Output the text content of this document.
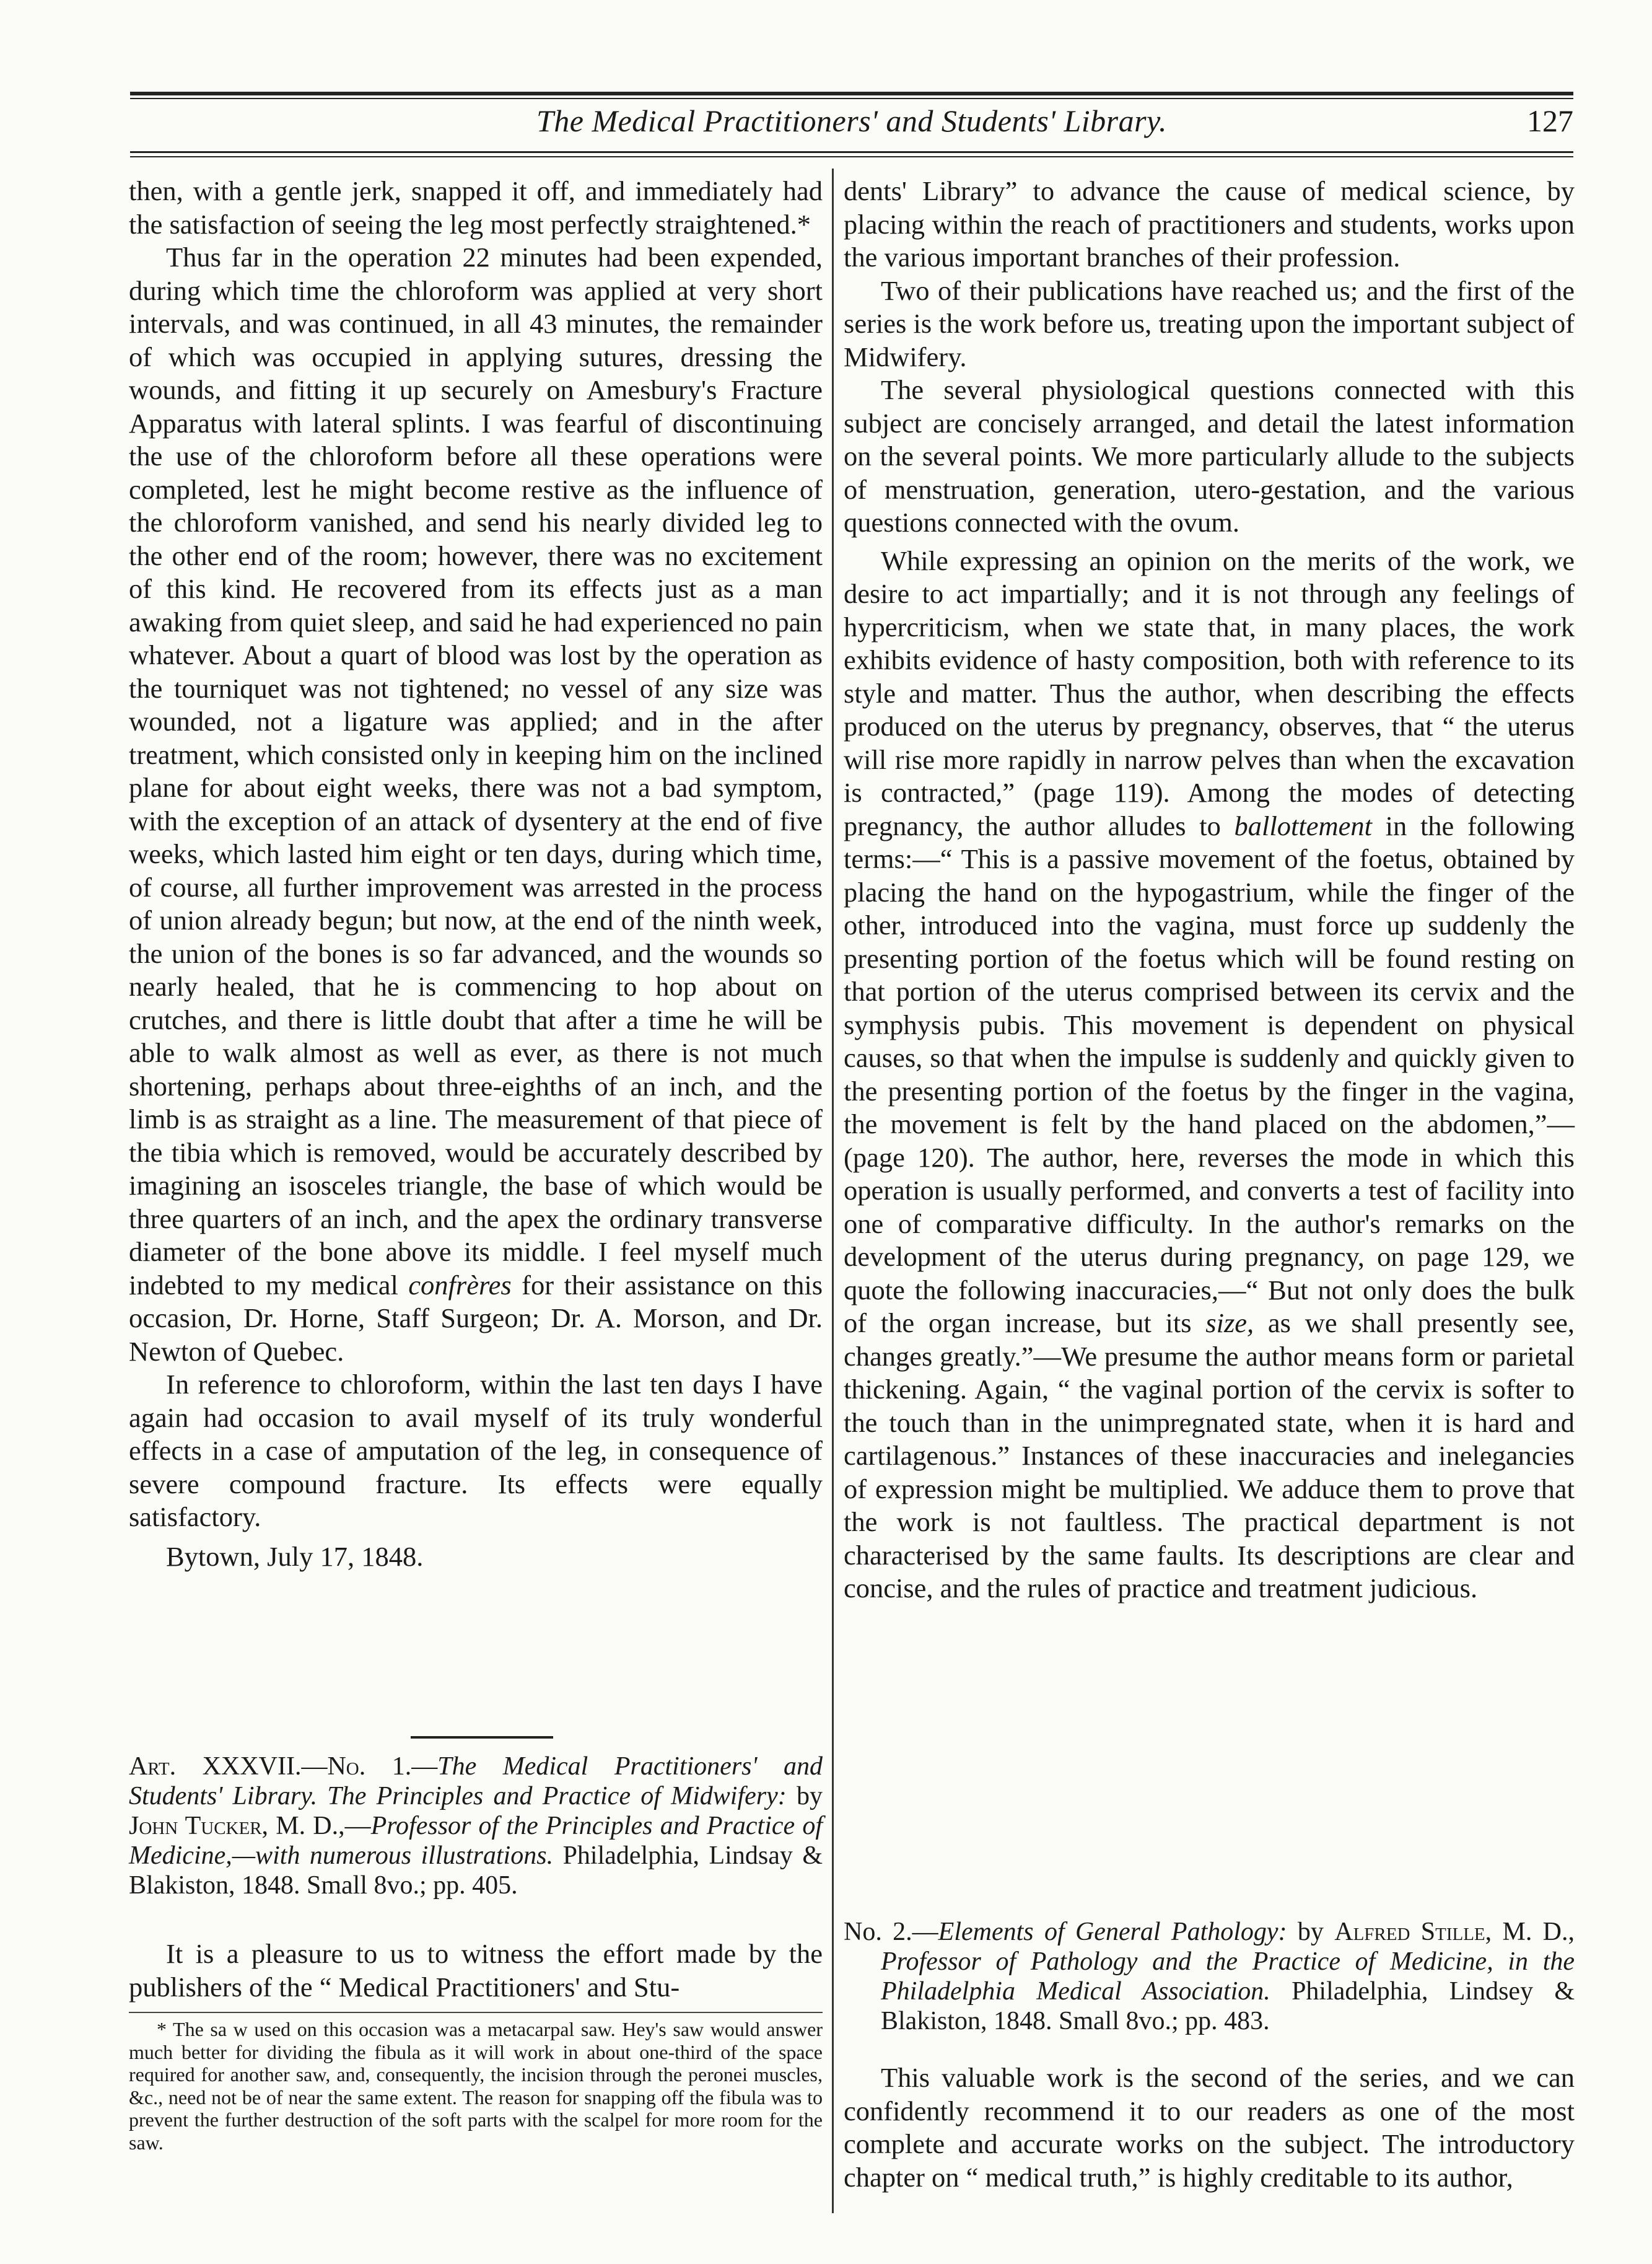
The Medical Practitioners' and Students' Library.	127

then, with a gentle jerk, snapped it off, and immediately had the satisfaction of seeing the leg most perfectly straightened.*

Thus far in the operation 22 minutes had been expended, during which time the chloroform was applied at very short intervals, and was continued, in all 43 minutes, the remainder of which was occupied in applying sutures, dressing the wounds, and fitting it up securely on Amesbury's Fracture Apparatus with lateral splints. I was fearful of discontinuing the use of the chloroform before all these operations were completed, lest he might become restive as the influence of the chloroform vanished, and send his nearly divided leg to the other end of the room; however, there was no excitement of this kind. He recovered from its effects just as a man awaking from quiet sleep, and said he had experienced no pain whatever. About a quart of blood was lost by the operation as the tourniquet was not tightened; no vessel of any size was wounded, not a ligature was applied; and in the after treatment, which consisted only in keeping him on the inclined plane for about eight weeks, there was not a bad symptom, with the exception of an attack of dysentery at the end of five weeks, which lasted him eight or ten days, during which time, of course, all further improvement was arrested in the process of union already begun; but now, at the end of the ninth week, the union of the bones is so far advanced, and the wounds so nearly healed, that he is commencing to hop about on crutches, and there is little doubt that after a time he will be able to walk almost as well as ever, as there is not much shortening, perhaps about three-eighths of an inch, and the limb is as straight as a line. The measurement of that piece of the tibia which is removed, would be accurately described by imagining an isosceles triangle, the base of which would be three quarters of an inch, and the apex the ordinary transverse diameter of the bone above its middle. I feel myself much indebted to my medical confrères for their assistance on this occasion, Dr. Horne, Staff Surgeon; Dr. A. Morson, and Dr. Newton of Quebec.

In reference to chloroform, within the last ten days I have again had occasion to avail myself of its truly wonderful effects in a case of amputation of the leg, in consequence of severe compound fracture. Its effects were equally satisfactory.

Bytown, July 17, 1848.

Art. XXXVII.—No. 1.—The Medical Practitioners' and Students' Library. The Principles and Practice of Midwifery: by John Tucker, M. D.,—Professor of the Principles and Practice of Medicine,—with numerous illustrations. Philadelphia, Lindsay & Blakiston, 1848. Small 8vo.; pp. 405.

It is a pleasure to us to witness the effort made by the publishers of the “ Medical Practitioners' and Stu-

* The sa w used on this occasion was a metacarpal saw. Hey's saw would answer much better for dividing the fibula as it will work in about one-third of the space required for another saw, and, consequently, the incision through the peronei muscles, &c., need not be of near the same extent. The reason for snapping off the fibula was to prevent the further destruction of the soft parts with the scalpel for more room for the saw.

dents' Library” to advance the cause of medical science, by placing within the reach of practitioners and students, works upon the various important branches of their profession.

Two of their publications have reached us; and the first of the series is the work before us, treating upon the important subject of Midwifery.

The several physiological questions connected with this subject are concisely arranged, and detail the latest information on the several points. We more particularly allude to the subjects of menstruation, generation, utero-gestation, and the various questions connected with the ovum.

While expressing an opinion on the merits of the work, we desire to act impartially; and it is not through any feelings of hypercriticism, when we state that, in many places, the work exhibits evidence of hasty composition, both with reference to its style and matter. Thus the author, when describing the effects produced on the uterus by pregnancy, observes, that “ the uterus will rise more rapidly in narrow pelves than when the excavation is contracted,” (page 119). Among the modes of detecting pregnancy, the author alludes to ballottement in the following terms:—“ This is a passive movement of the foetus, obtained by placing the hand on the hypogastrium, while the finger of the other, introduced into the vagina, must force up suddenly the presenting portion of the foetus which will be found resting on that portion of the uterus comprised between its cervix and the symphysis pubis. This movement is dependent on physical causes, so that when the impulse is suddenly and quickly given to the presenting portion of the foetus by the finger in the vagina, the movement is felt by the hand placed on the abdomen,”—(page 120). The author, here, reverses the mode in which this operation is usually performed, and converts a test of facility into one of comparative difficulty. In the author's remarks on the development of the uterus during pregnancy, on page 129, we quote the following inaccuracies,—“ But not only does the bulk of the organ increase, but its size, as we shall presently see, changes greatly.”—We presume the author means form or parietal thickening. Again, “ the vaginal portion of the cervix is softer to the touch than in the unimpregnated state, when it is hard and cartilagenous.” Instances of these inaccuracies and inelegancies of expression might be multiplied. We adduce them to prove that the work is not faultless. The practical department is not characterised by the same faults. Its descriptions are clear and concise, and the rules of practice and treatment judicious.

No. 2.—Elements of General Pathology: by Alfred Stille, M. D., Professor of Pathology and the Practice of Medicine, in the Philadelphia Medical Association. Philadelphia, Lindsey & Blakiston, 1848. Small 8vo.; pp. 483.

This valuable work is the second of the series, and we can confidently recommend it to our readers as one of the most complete and accurate works on the subject. The introductory chapter on “ medical truth,” is highly creditable to its author,
